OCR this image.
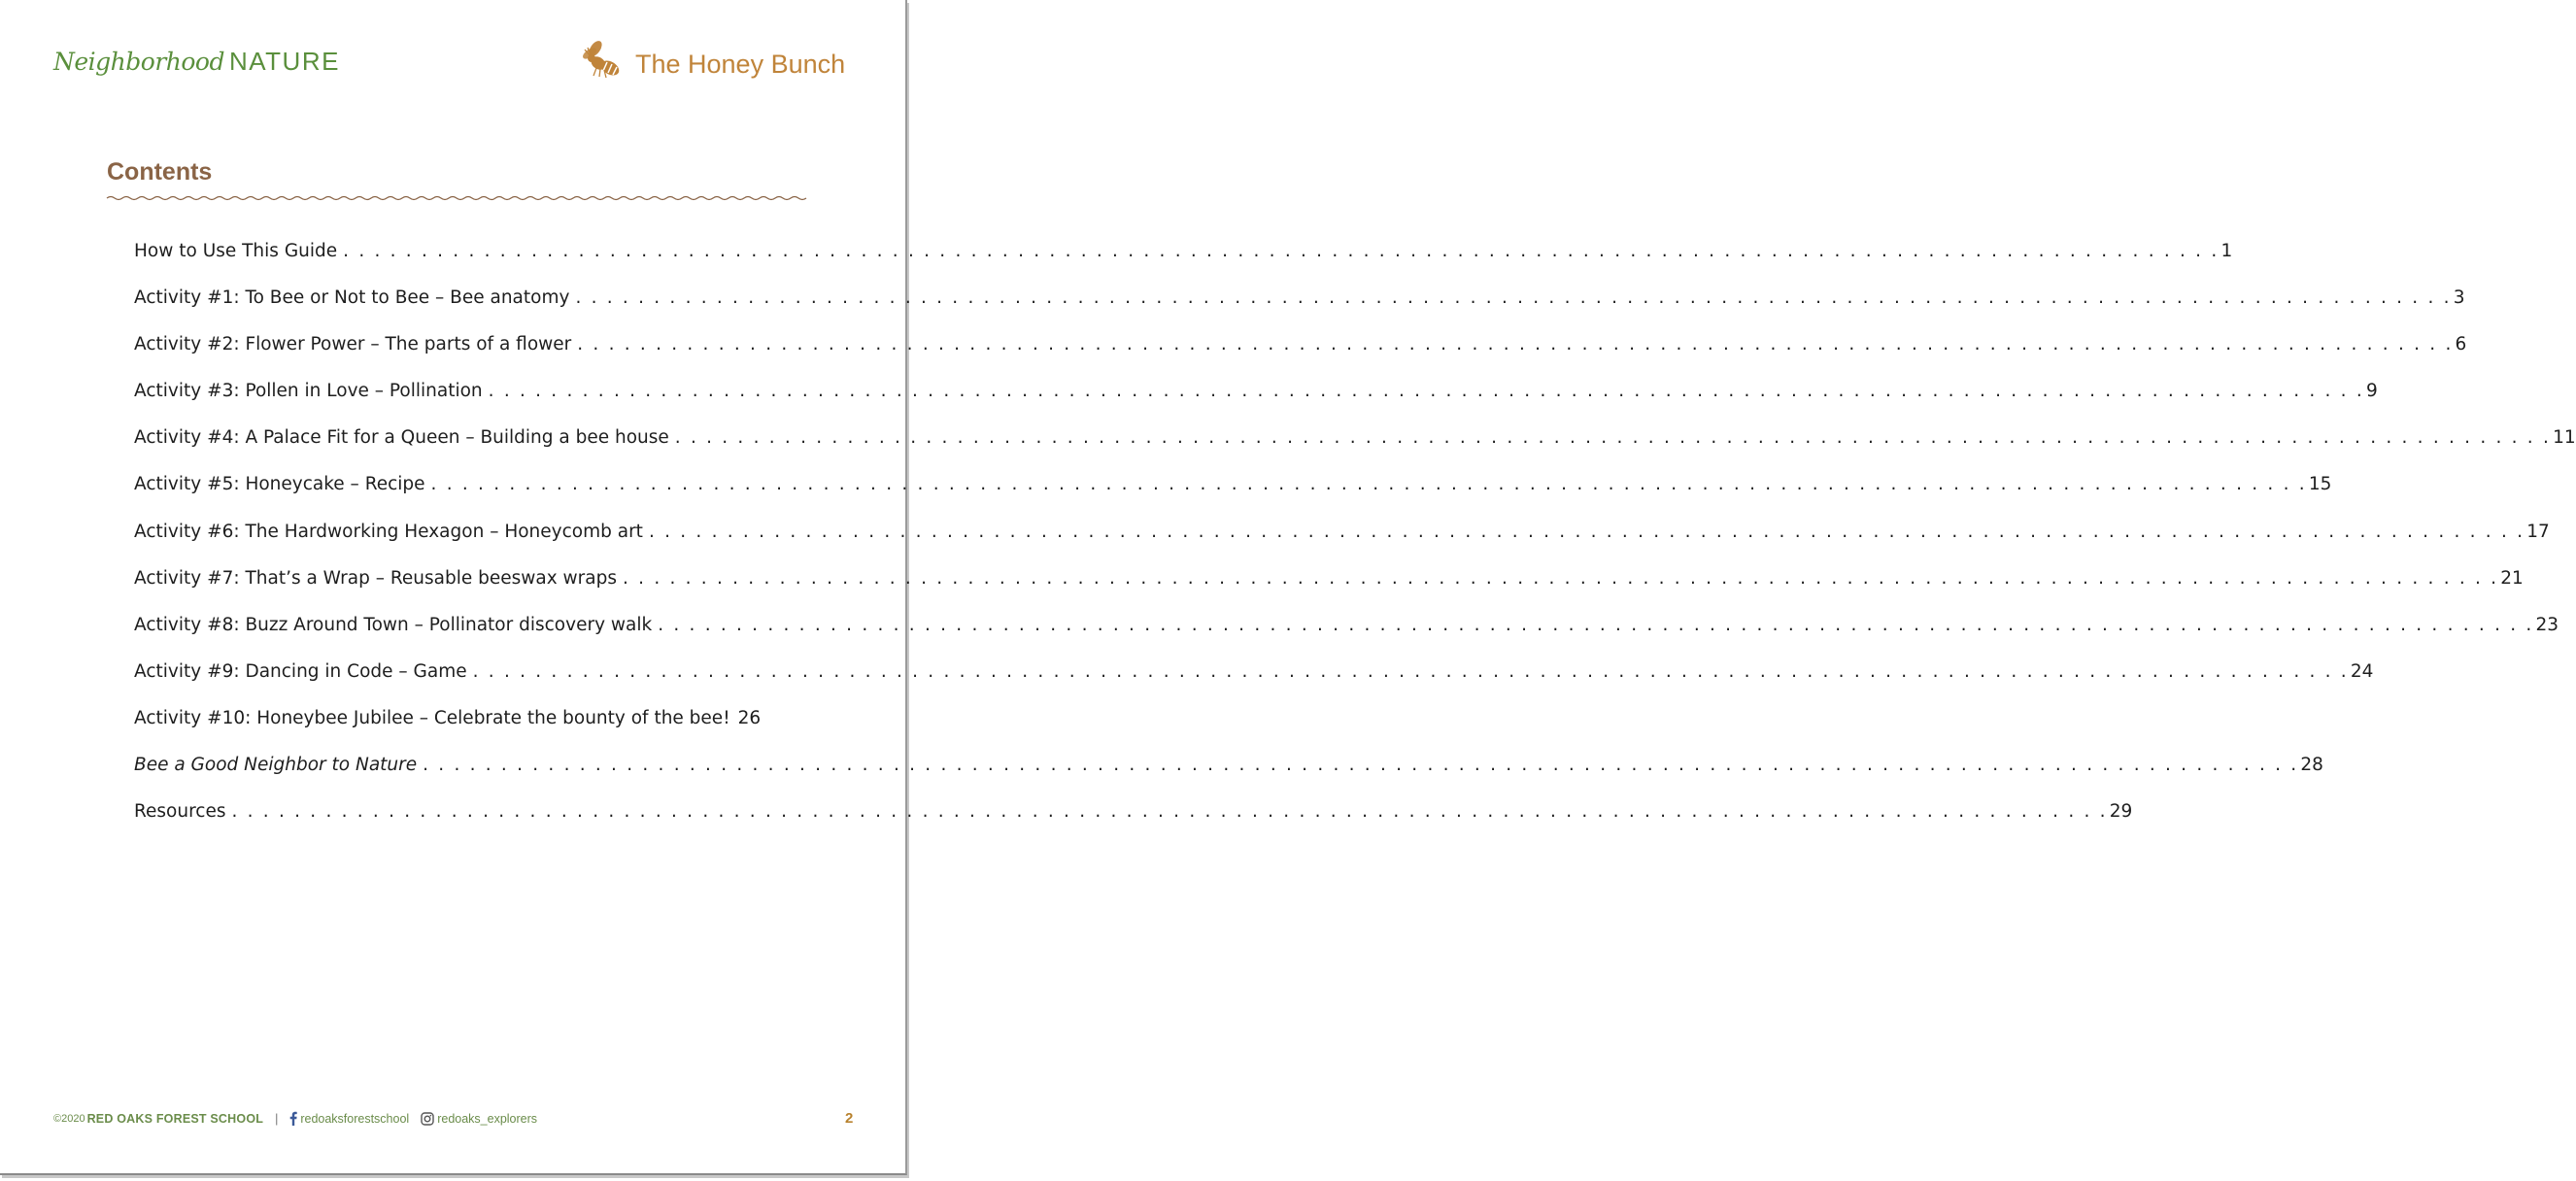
Neighborhood NATURE	The Honey Bunch
Contents
How to Use This Guide . . . . . . . . . . . . . . . . . . . . . . . . . . . . . . . . . . . . . . . . . . . . . . . . . . . . . . . . . . . . . . . . . . . . . . . . . . . . . . . . . . . . . . . . . . . . . . . . . . . . . . . . . . . . . . . . . . . . . . . . 1
Activity #1: To Bee or Not to Bee – Bee anatomy . . . . . . . . . . . . . . . . . . . . . . . . . . . . . . . . . . . . . . . . . . . . . . . . . . . . . . . . . . . . . . . . . . . . . . . . . . . . . . . . . . . . . . . . . . . . . . . . . . . . . . . . . . . . . . . . . . . . . . . . 3
Activity #2: Flower Power – The parts of a flower . . . . . . . . . . . . . . . . . . . . . . . . . . . . . . . . . . . . . . . . . . . . . . . . . . . . . . . . . . . . . . . . . . . . . . . . . . . . . . . . . . . . . . . . . . . . . . . . . . . . . . . . . . . . . . . . . . . . . . . . 6
Activity #3: Pollen in Love – Pollination . . . . . . . . . . . . . . . . . . . . . . . . . . . . . . . . . . . . . . . . . . . . . . . . . . . . . . . . . . . . . . . . . . . . . . . . . . . . . . . . . . . . . . . . . . . . . . . . . . . . . . . . . . . . . . . . . . . . . . . . 9
Activity #4: A Palace Fit for a Queen – Building a bee house . . . . . . . . . . . . . . . . . . . . . . . . . . . . . . . . . . . . . . . . . . . . . . . . . . . . . . . . . . . . . . . . . . . . . . . . . . . . . . . . . . . . . . . . . . . . . . . . . . . . . . . . . . . . . . . . . . . . . . . . 11
Activity #5: Honeycake – Recipe . . . . . . . . . . . . . . . . . . . . . . . . . . . . . . . . . . . . . . . . . . . . . . . . . . . . . . . . . . . . . . . . . . . . . . . . . . . . . . . . . . . . . . . . . . . . . . . . . . . . . . . . . . . . . . . . . . . . . . . . 15
Activity #6: The Hardworking Hexagon – Honeycomb art . . . . . . . . . . . . . . . . . . . . . . . . . . . . . . . . . . . . . . . . . . . . . . . . . . . . . . . . . . . . . . . . . . . . . . . . . . . . . . . . . . . . . . . . . . . . . . . . . . . . . . . . . . . . . . . . . . . . . . . . 17
Activity #7: That’s a Wrap – Reusable beeswax wraps . . . . . . . . . . . . . . . . . . . . . . . . . . . . . . . . . . . . . . . . . . . . . . . . . . . . . . . . . . . . . . . . . . . . . . . . . . . . . . . . . . . . . . . . . . . . . . . . . . . . . . . . . . . . . . . . . . . . . . . . 21
Activity #8: Buzz Around Town – Pollinator discovery walk . . . . . . . . . . . . . . . . . . . . . . . . . . . . . . . . . . . . . . . . . . . . . . . . . . . . . . . . . . . . . . . . . . . . . . . . . . . . . . . . . . . . . . . . . . . . . . . . . . . . . . . . . . . . . . . . . . . . . . . . 23
Activity #9: Dancing in Code – Game . . . . . . . . . . . . . . . . . . . . . . . . . . . . . . . . . . . . . . . . . . . . . . . . . . . . . . . . . . . . . . . . . . . . . . . . . . . . . . . . . . . . . . . . . . . . . . . . . . . . . . . . . . . . . . . . . . . . . . . . 24
Activity #10: Honeybee Jubilee – Celebrate the bounty of the bee! 26
Bee a Good Neighbor to Nature . . . . . . . . . . . . . . . . . . . . . . . . . . . . . . . . . . . . . . . . . . . . . . . . . . . . . . . . . . . . . . . . . . . . . . . . . . . . . . . . . . . . . . . . . . . . . . . . . . . . . . . . . . . . . . . . . . . . . . . . 28
Resources . . . . . . . . . . . . . . . . . . . . . . . . . . . . . . . . . . . . . . . . . . . . . . . . . . . . . . . . . . . . . . . . . . . . . . . . . . . . . . . . . . . . . . . . . . . . . . . . . . . . . . . . . . . . . . . . . . . . . . . . 29
©2020 RED OAKS FOREST SCHOOL | redoaksforestschool redoaks_explorers	2
